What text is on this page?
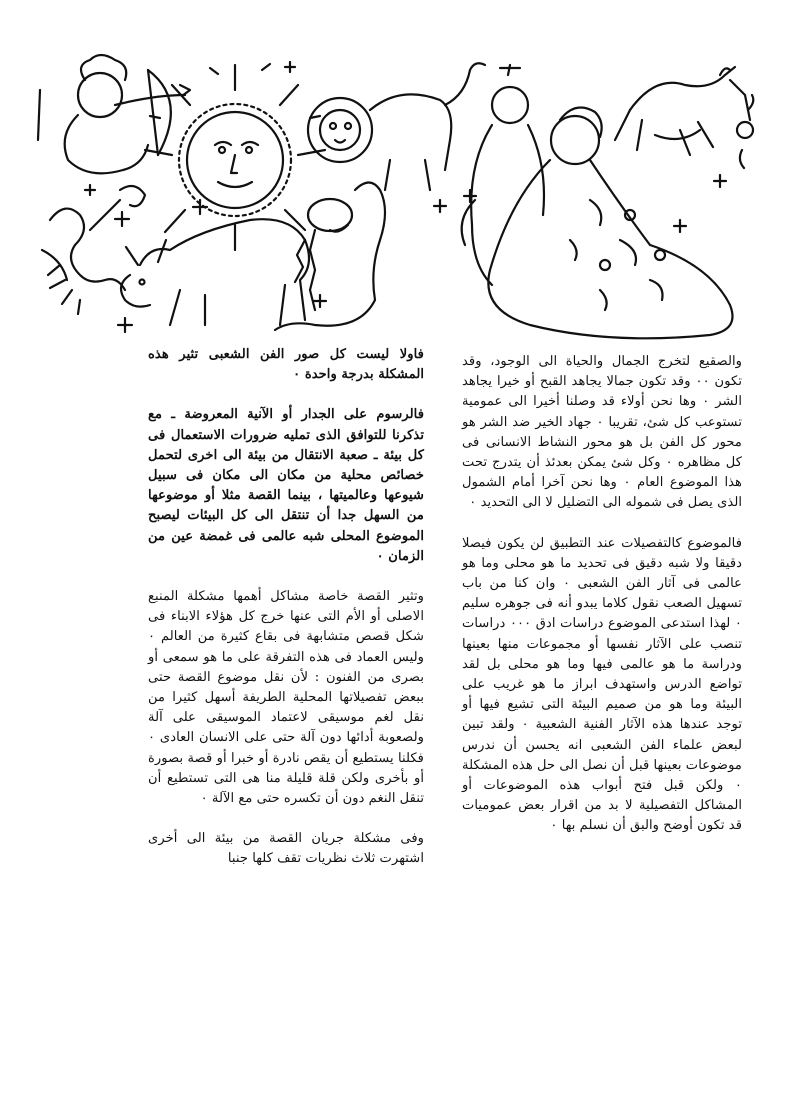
والصقيع لتخرج الجمال والحياة الى الوجود، وقد تكون ٠٠ وقد تكون جمالا يجاهد القبح أو خيرا يجاهد الشر ٠ وها نحن أولاء قد وصلنا أخيرا الى عمومية تستوعب كل شئ، تقريبا ٠ جهاد الخير ضد الشر هو محور كل الفن بل هو محور النشاط الانسانى فى كل مظاهره ٠ وكل شئ يمكن بعدئذ أن يتدرج تحت هذا الموضوع العام ٠ وها نحن آخرا أمام الشمول الذى يصل فى شموله الى التضليل لا الى التحديد ٠

فالموضوع كالتفصيلات عند التطبيق لن يكون فيصلا دقيقا ولا شبه دقيق فى تحديد ما هو محلى وما هو عالمى فى آثار الفن الشعبى ٠ وان كنا من باب تسهيل الصعب نقول كلاما يبدو أنه فى جوهره سليم ٠ لهذا استدعى الموضوع دراسات ادق ٠٠٠ دراسات تنصب على الآثار نفسها أو مجموعات منها بعينها ودراسة ما هو عالمى فيها وما هو محلى بل لقد تواضع الدرس واستهدف ابراز ما هو غريب على البيئة وما هو من صميم البيئة التى تشيع فيها أو توجد عندها هذه الآثار الفنية الشعبية ٠ ولقد تبين لبعض علماء الفن الشعبى انه يحسن أن ندرس موضوعات بعينها قبل أن نصل الى حل هذه المشكلة ٠ ولكن قبل فتح أبواب هذه الموضوعات أو المشاكل التفصيلية لا بد من اقرار بعض عموميات قد تكون أوضح والبق أن نسلم بها ٠

فاولا ليست كل صور الفن الشعبى تثير هذه المشكلة بدرجة واحدة ٠

فالرسوم على الجدار أو الآنية المعروضة ـ مع تذكرنا للتوافق الذى تمليه ضرورات الاستعمال فى كل بيئة ـ صعبة الانتقال من بيئة الى اخرى لتحمل خصائص محلية من مكان الى مكان فى سبيل شيوعها وعالميتها ، بينما القصة مثلا أو موضوعها من السهل جدا أن تنتقل الى كل البيئات ليصبح الموضوع المحلى شبه عالمى فى غمضة عين من الزمان ٠

وتثير القصة خاصة مشاكل أهمها مشكلة المنبع الاصلى أو الأم التى عنها خرج كل هؤلاء الابناء فى شكل قصص متشابهة فى بقاع كثيرة من العالم ٠ وليس العماد فى هذه التفرقة على ما هو سمعى أو بصرى من الفنون : لأن نقل موضوع القصة حتى ببعض تفصيلاتها المحلية الطريفة أسهل كثيرا من نقل لغم موسيقى لاعتماد الموسيقى على آلة ولصعوبة أدائها دون آلة حتى على الانسان العادى ٠ فكلنا يستطيع أن يقص نادرة أو خبرا أو قصة بصورة أو بأخرى ولكن قلة قليلة منا هى التى تستطيع أن تنقل النغم دون أن تكسره حتى مع الآلة ٠

وفى مشكلة جريان القصة من بيئة الى أخرى اشتهرت ثلاث نظريات تقف كلها جنبا
